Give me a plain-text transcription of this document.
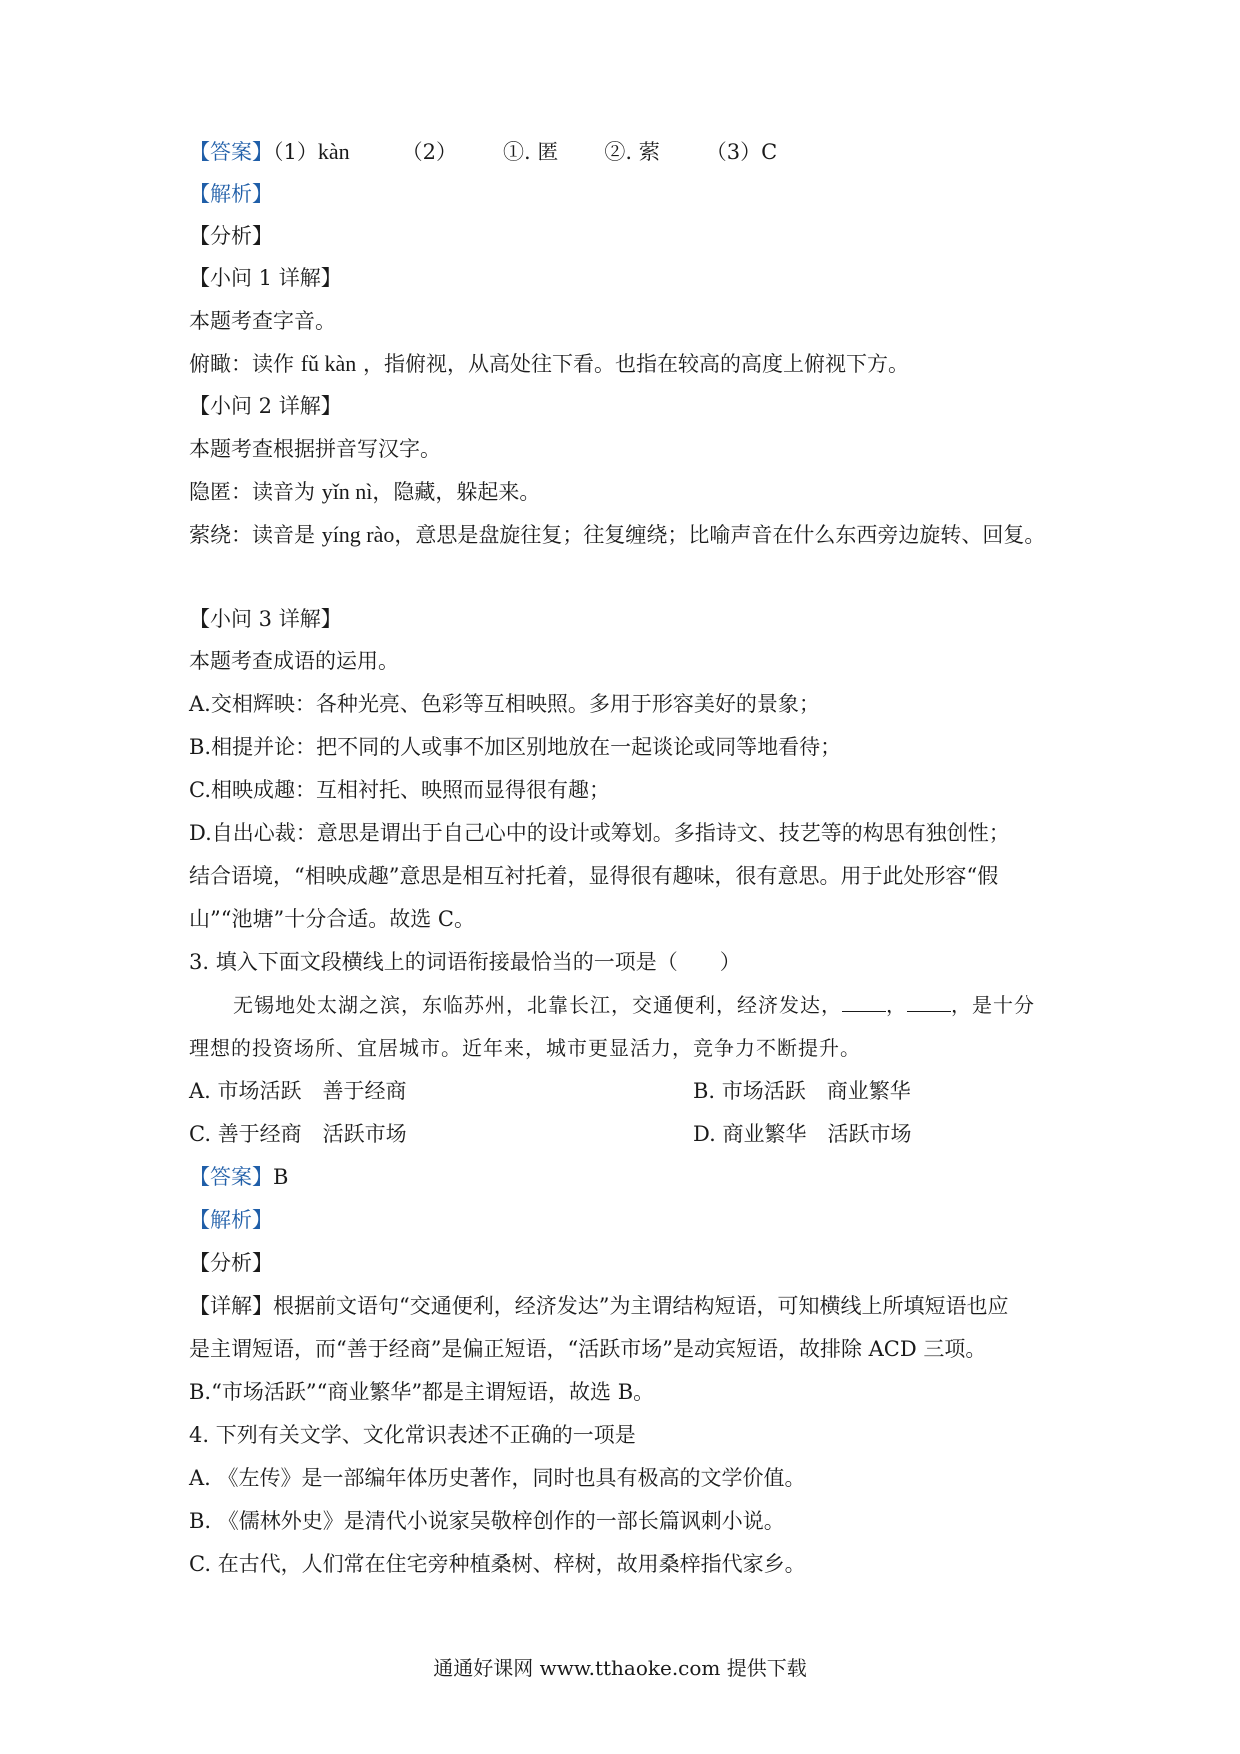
【答案】（1）kàn （2） ①. 匿 ②. 萦 （3）C
【解析】
【分析】
【小问 1 详解】
本题考查字音。
俯瞰：读作 fǔ kàn ，指俯视，从高处往下看。也指在较高的高度上俯视下方。
【小问 2 详解】
本题考查根据拼音写汉字。
隐匿：读音为 yǐn nì，隐藏，躲起来。
萦绕：读音是 yíng rào，意思是盘旋往复；往复缠绕；比喻声音在什么东西旁边旋转、回复。
【小问 3 详解】
本题考查成语的运用。
A.交相辉映：各种光亮、色彩等互相映照。多用于形容美好的景象；
B.相提并论：把不同的人或事不加区别地放在一起谈论或同等地看待；
C.相映成趣：互相衬托、映照而显得很有趣；
D.自出心裁：意思是谓出于自己心中的设计或筹划。多指诗文、技艺等的构思有独创性；
结合语境，“相映成趣”意思是相互衬托着，显得很有趣味，很有意思。用于此处形容“假
山”“池塘”十分合适。故选 C。
3. 填入下面文段横线上的词语衔接最恰当的一项是（　　）
无锡地处太湖之滨，东临苏州，北靠长江，交通便利，经济发达， ， ，是十分
理想的投资场所、宜居城市。近年来，城市更显活力，竞争力不断提升。
A. 市场活跃　善于经商	B. 市场活跃　商业繁华
C. 善于经商　活跃市场	D. 商业繁华　活跃市场
【答案】B
【解析】
【分析】
【详解】根据前文语句“交通便利，经济发达”为主谓结构短语，可知横线上所填短语也应
是主谓短语，而“善于经商”是偏正短语，“活跃市场”是动宾短语，故排除 ACD 三项。
B.“市场活跃”“商业繁华”都是主谓短语，故选 B。
4. 下列有关文学、文化常识表述不正确的一项是
A. 《左传》是一部编年体历史著作，同时也具有极高的文学价值。
B. 《儒林外史》是清代小说家吴敬梓创作的一部长篇讽刺小说。
C. 在古代，人们常在住宅旁种植桑树、梓树，故用桑梓指代家乡。
通通好课网 www.tthaoke.com 提供下载
